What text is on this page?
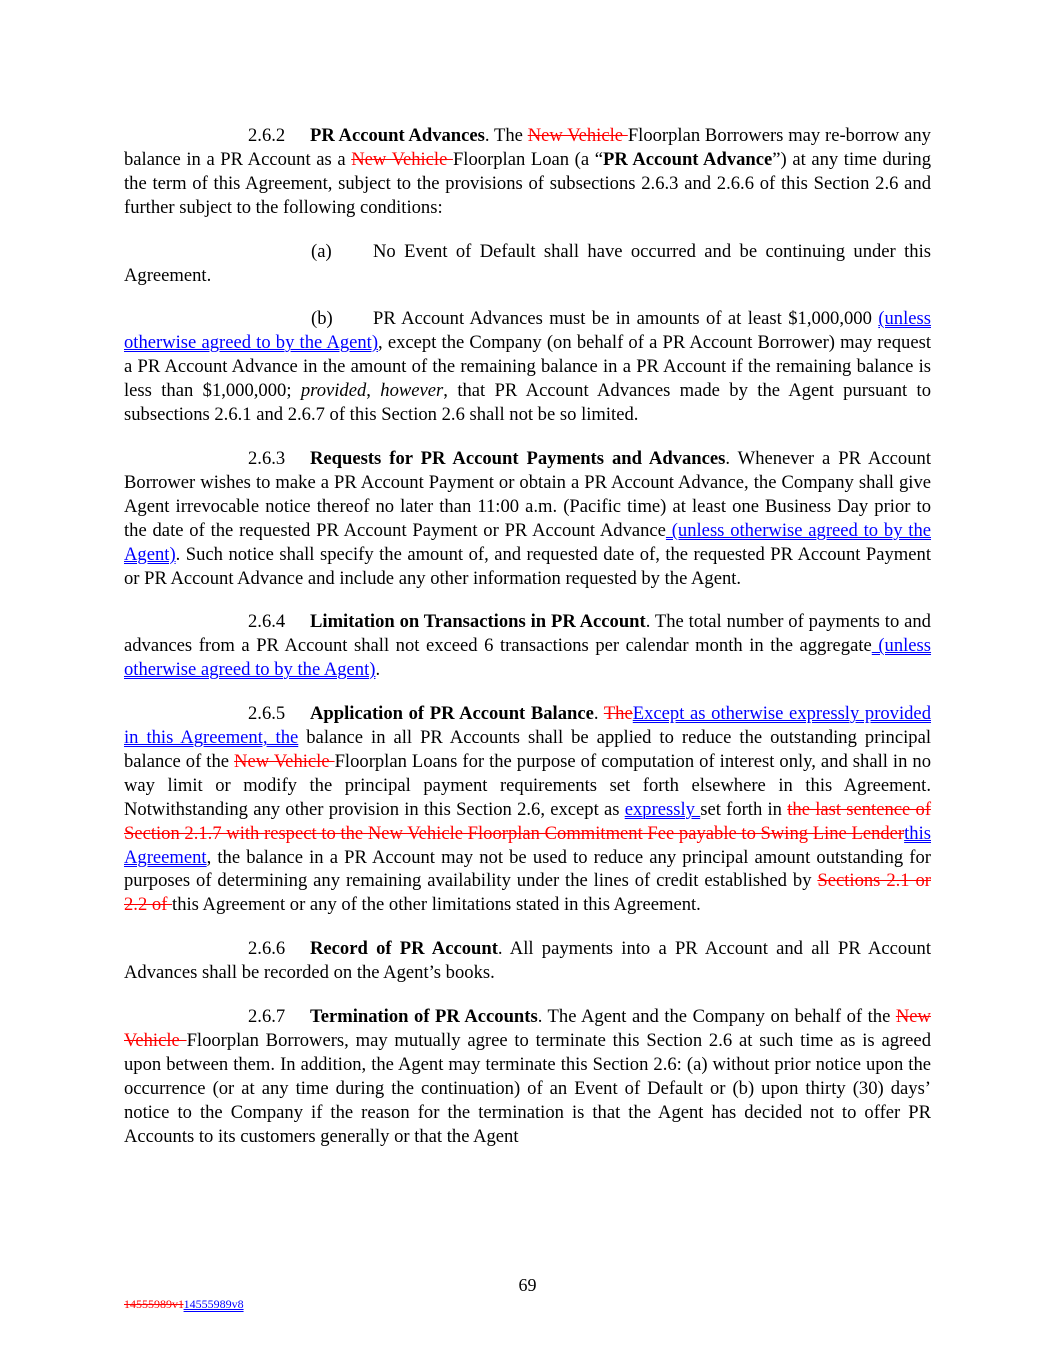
2.6.2 PR Account Advances. The New Vehicle Floorplan Borrowers may re-borrow any balance in a PR Account as a New Vehicle Floorplan Loan (a “PR Account Advance”) at any time during the term of this Agreement, subject to the provisions of subsections 2.6.3 and 2.6.6 of this Section 2.6 and further subject to the following conditions:

(a) No Event of Default shall have occurred and be continuing under this Agreement.

(b) PR Account Advances must be in amounts of at least $1,000,000 (unless otherwise agreed to by the Agent), except the Company (on behalf of a PR Account Borrower) may request a PR Account Advance in the amount of the remaining balance in a PR Account if the remaining balance is less than $1,000,000; provided, however, that PR Account Advances made by the Agent pursuant to subsections 2.6.1 and 2.6.7 of this Section 2.6 shall not be so limited.

2.6.3 Requests for PR Account Payments and Advances. Whenever a PR Account Borrower wishes to make a PR Account Payment or obtain a PR Account Advance, the Company shall give Agent irrevocable notice thereof no later than 11:00 a.m. (Pacific time) at least one Business Day prior to the date of the requested PR Account Payment or PR Account Advance (unless otherwise agreed to by the Agent). Such notice shall specify the amount of, and requested date of, the requested PR Account Payment or PR Account Advance and include any other information requested by the Agent.

2.6.4 Limitation on Transactions in PR Account. The total number of payments to and advances from a PR Account shall not exceed 6 transactions per calendar month in the aggregate (unless otherwise agreed to by the Agent).

2.6.5 Application of PR Account Balance. TheExcept as otherwise expressly provided in this Agreement, the balance in all PR Accounts shall be applied to reduce the outstanding principal balance of the New Vehicle Floorplan Loans for the purpose of computation of interest only, and shall in no way limit or modify the principal payment requirements set forth elsewhere in this Agreement. Notwithstanding any other provision in this Section 2.6, except as expressly set forth in the last sentence of Section 2.1.7 with respect to the New Vehicle Floorplan Commitment Fee payable to Swing Line Lenderthis Agreement, the balance in a PR Account may not be used to reduce any principal amount outstanding for purposes of determining any remaining availability under the lines of credit established by Sections 2.1 or 2.2 of this Agreement or any of the other limitations stated in this Agreement.

2.6.6 Record of PR Account. All payments into a PR Account and all PR Account Advances shall be recorded on the Agent’s books.

2.6.7 Termination of PR Accounts. The Agent and the Company on behalf of the New Vehicle Floorplan Borrowers, may mutually agree to terminate this Section 2.6 at such time as is agreed upon between them. In addition, the Agent may terminate this Section 2.6: (a) without prior notice upon the occurrence (or at any time during the continuation) of an Event of Default or (b) upon thirty (30) days’ notice to the Company if the reason for the termination is that the Agent has decided not to offer PR Accounts to its customers generally or that the Agent

69
14555989v114555989v8
